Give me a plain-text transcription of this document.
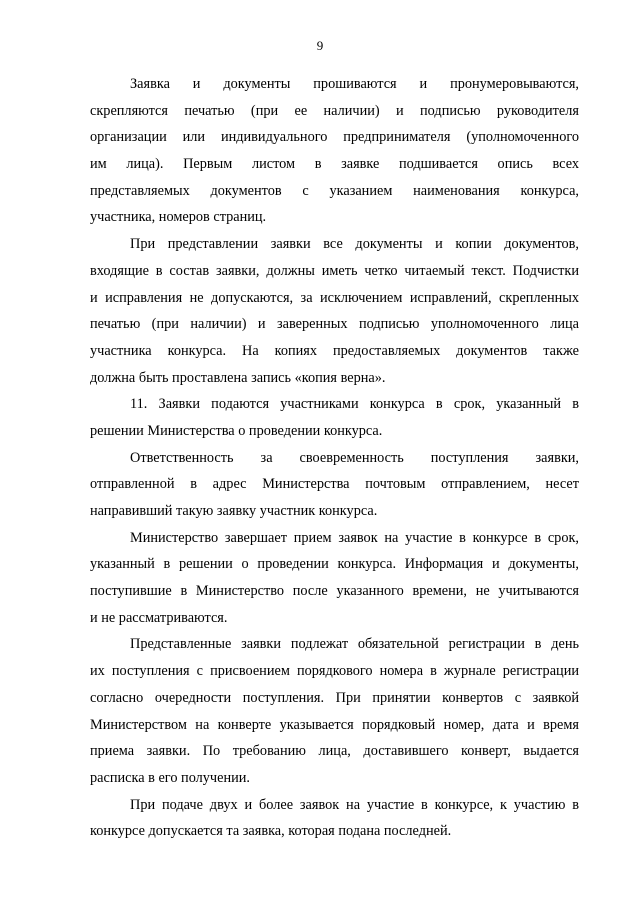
9

Заявка и документы прошиваются и пронумеровываются,
скрепляются печатью (при ее наличии) и подписью руководителя
организации или индивидуального предпринимателя (уполномоченного
им лица). Первым листом в заявке подшивается опись всех
представляемых документов с указанием наименования конкурса,
участника, номеров страниц.

При представлении заявки все документы и копии документов,
входящие в состав заявки, должны иметь четко читаемый текст. Подчистки
и исправления не допускаются, за исключением исправлений, скрепленных
печатью (при наличии) и заверенных подписью уполномоченного лица
участника конкурса. На копиях предоставляемых документов также
должна быть проставлена запись «копия верна».

11. Заявки подаются участниками конкурса в срок, указанный в
решении Министерства о проведении конкурса.

Ответственность за своевременность поступления заявки,
отправленной в адрес Министерства почтовым отправлением, несет
направивший такую заявку участник конкурса.

Министерство завершает прием заявок на участие в конкурсе в срок,
указанный в решении о проведении конкурса. Информация и документы,
поступившие в Министерство после указанного времени, не учитываются
и не рассматриваются.

Представленные заявки подлежат обязательной регистрации в день
их поступления с присвоением порядкового номера в журнале регистрации
согласно очередности поступления. При принятии конвертов с заявкой
Министерством на конверте указывается порядковый номер, дата и время
приема заявки. По требованию лица, доставившего конверт, выдается
расписка в его получении.

При подаче двух и более заявок на участие в конкурсе, к участию в
конкурсе допускается та заявка, которая подана последней.
